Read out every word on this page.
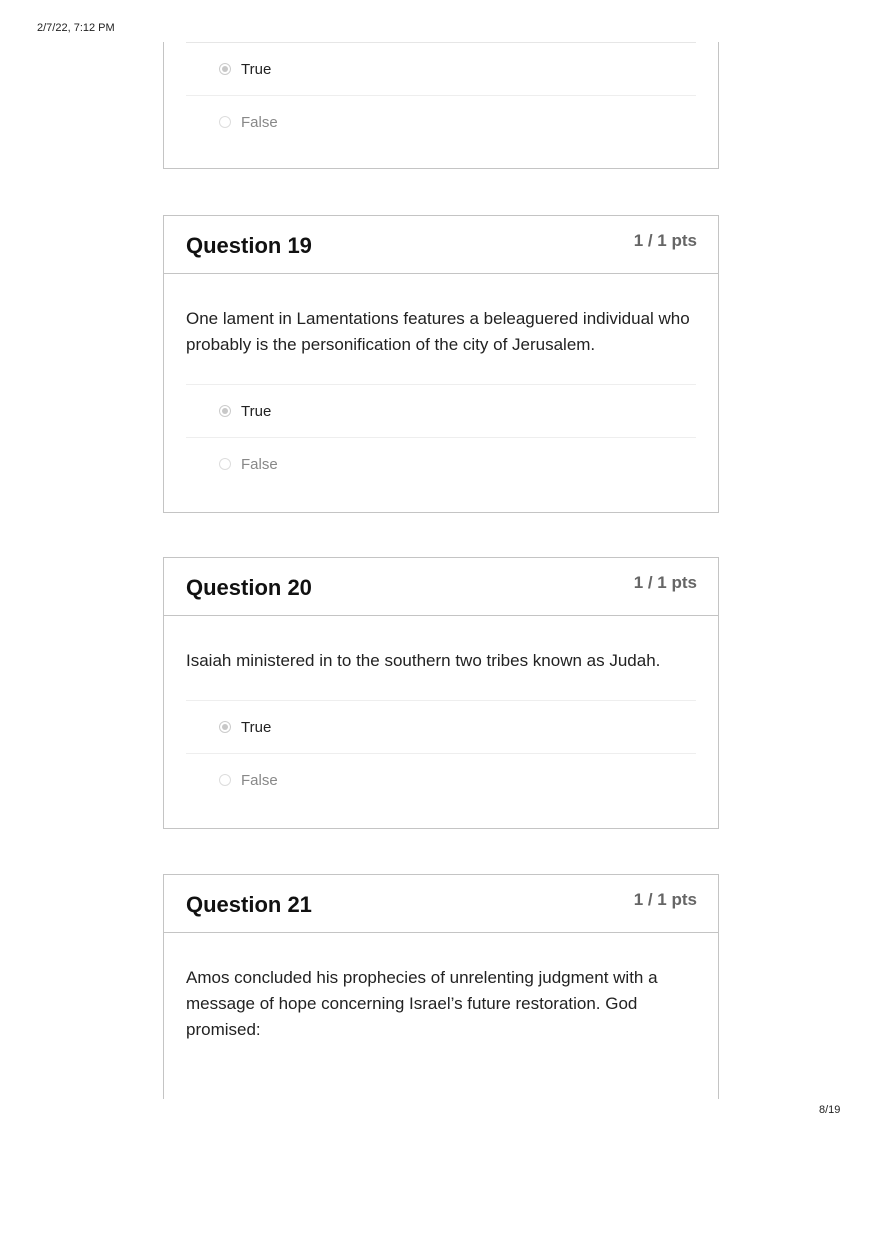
2/7/22, 7:12 PM
8/19
True
False
Question 19	1 / 1 pts

One lament in Lamentations features a beleaguered individual who probably is the personification of the city of Jerusalem.

True
False
Question 20	1 / 1 pts

Isaiah ministered in to the southern two tribes known as Judah.

True
False
Question 21	1 / 1 pts

Amos concluded his prophecies of unrelenting judgment with a message of hope concerning Israel’s future restoration. God promised:
